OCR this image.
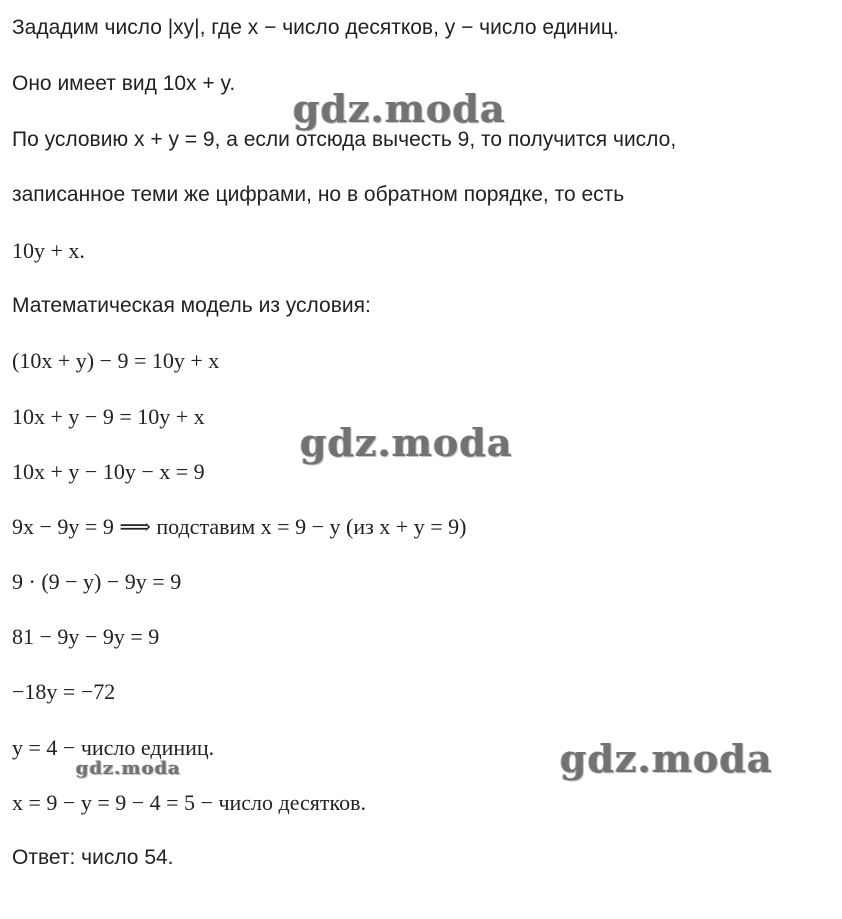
Зададим число |xy|, где x − число десятков, y − число единиц.
Оно имеет вид 10x + y.
По условию x + y = 9, а если отсюда вычесть 9, то получится число,
записанное теми же цифрами, но в обратном порядке, то есть
10y + x.
Математическая модель из условия:
(10x + y) − 9 = 10y + x
10x + y − 9 = 10y + x
10x + y − 10y − x = 9
9x − 9y = 9 ⟹ подставим x = 9 − y (из x + y = 9)
9 · (9 − y) − 9y = 9
81 − 9y − 9y = 9
−18y = −72
y = 4 − число единиц.
x = 9 − y = 9 − 4 = 5 − число десятков.
Ответ: число 54.
gdz.moda
gdz.moda
gdz.moda
gdz.moda
